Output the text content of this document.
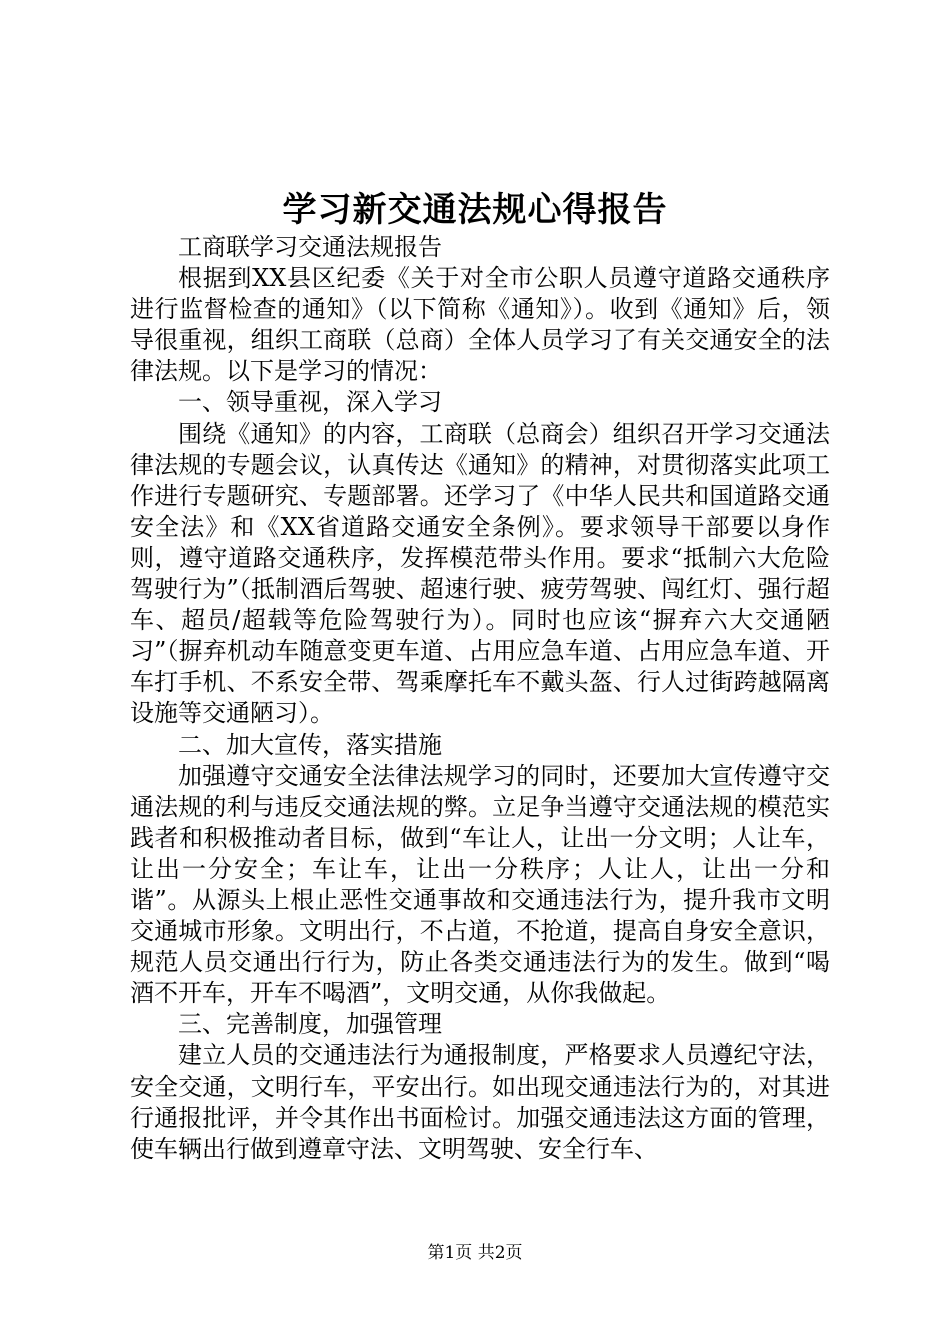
学习新交通法规心得报告

工商联学习交通法规报告

根据到XX县区纪委《关于对全市公职人员遵守道路交通秩序进行监督检查的通知》（以下简称《通知》）。收到《通知》后，领导很重视，组织工商联（总商）全体人员学习了有关交通安全的法律法规。以下是学习的情况：

一、领导重视，深入学习

围绕《通知》的内容，工商联（总商会）组织召开学习交通法律法规的专题会议，认真传达《通知》的精神，对贯彻落实此项工作进行专题研究、专题部署。还学习了《中华人民共和国道路交通安全法》和《XX省道路交通安全条例》。要求领导干部要以身作则，遵守道路交通秩序，发挥模范带头作用。要求“抵制六大危险驾驶行为”（抵制酒后驾驶、超速行驶、疲劳驾驶、闯红灯、强行超车、超员/超载等危险驾驶行为）。同时也应该“摒弃六大交通陋习”（摒弃机动车随意变更车道、占用应急车道、占用应急车道、开车打手机、不系安全带、驾乘摩托车不戴头盔、行人过街跨越隔离设施等交通陋习）。

二、加大宣传，落实措施

加强遵守交通安全法律法规学习的同时，还要加大宣传遵守交通法规的利与违反交通法规的弊。立足争当遵守交通法规的模范实践者和积极推动者目标，做到“车让人，让出一分文明；人让车，让出一分安全；车让车，让出一分秩序；人让人，让出一分和谐”。从源头上根止恶性交通事故和交通违法行为，提升我市文明交通城市形象。文明出行，不占道，不抢道，提高自身安全意识，规范人员交通出行行为，防止各类交通违法行为的发生。做到“喝酒不开车，开车不喝酒”，文明交通，从你我做起。

三、完善制度，加强管理

建立人员的交通违法行为通报制度，严格要求人员遵纪守法，安全交通，文明行车，平安出行。如出现交通违法行为的，对其进行通报批评，并令其作出书面检讨。加强交通违法这方面的管理，使车辆出行做到遵章守法、文明驾驶、安全行车、

第1页 共2页
